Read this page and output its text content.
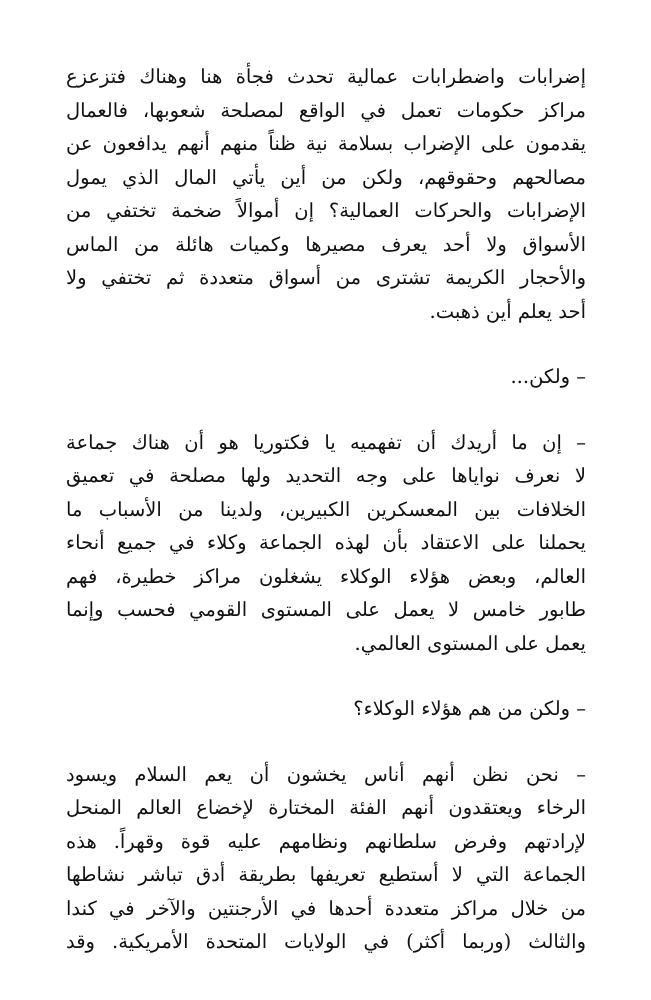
إضرابات واضطرابات عمالية تحدث فجأة هنا وهناك فتزعزع
مراكز حكومات تعمل في الواقع لمصلحة شعوبها، فالعمال
يقدمون على الإضراب بسلامة نية ظناً منهم أنهم يدافعون عن
مصالحهم وحقوقهم، ولكن من أين يأتي المال الذي يمول
الإضرابات والحركات العمالية؟ إن أموالاً ضخمة تختفي من
الأسواق ولا أحد يعرف مصيرها وكميات هائلة من الماس
والأحجار الكريمة تشترى من أسواق متعددة ثم تختفي ولا
أحد يعلم أين ذهبت.
– ولكن...
– إن ما أريدك أن تفهميه يا فكتوريا هو أن هناك جماعة
لا نعرف نواياها على وجه التحديد ولها مصلحة في تعميق
الخلافات بين المعسكرين الكبيرين، ولدينا من الأسباب ما
يحملنا على الاعتقاد بأن لهذه الجماعة وكلاء في جميع أنحاء
العالم، وبعض هؤلاء الوكلاء يشغلون مراكز خطيرة، فهم
طابور خامس لا يعمل على المستوى القومي فحسب وإنما
يعمل على المستوى العالمي.
– ولكن من هم هؤلاء الوكلاء؟
– نحن نظن أنهم أناس يخشون أن يعم السلام ويسود
الرخاء ويعتقدون أنهم الفئة المختارة لإخضاع العالم المنحل
لإرادتهم وفرض سلطانهم ونظامهم عليه قوة وقهراً. هذه
الجماعة التي لا أستطيع تعريفها بطريقة أدق تباشر نشاطها
من خلال مراكز متعددة أحدها في الأرجنتين والآخر في كندا
والثالث (وربما أكثر) في الولايات المتحدة الأمريكية. وقد
